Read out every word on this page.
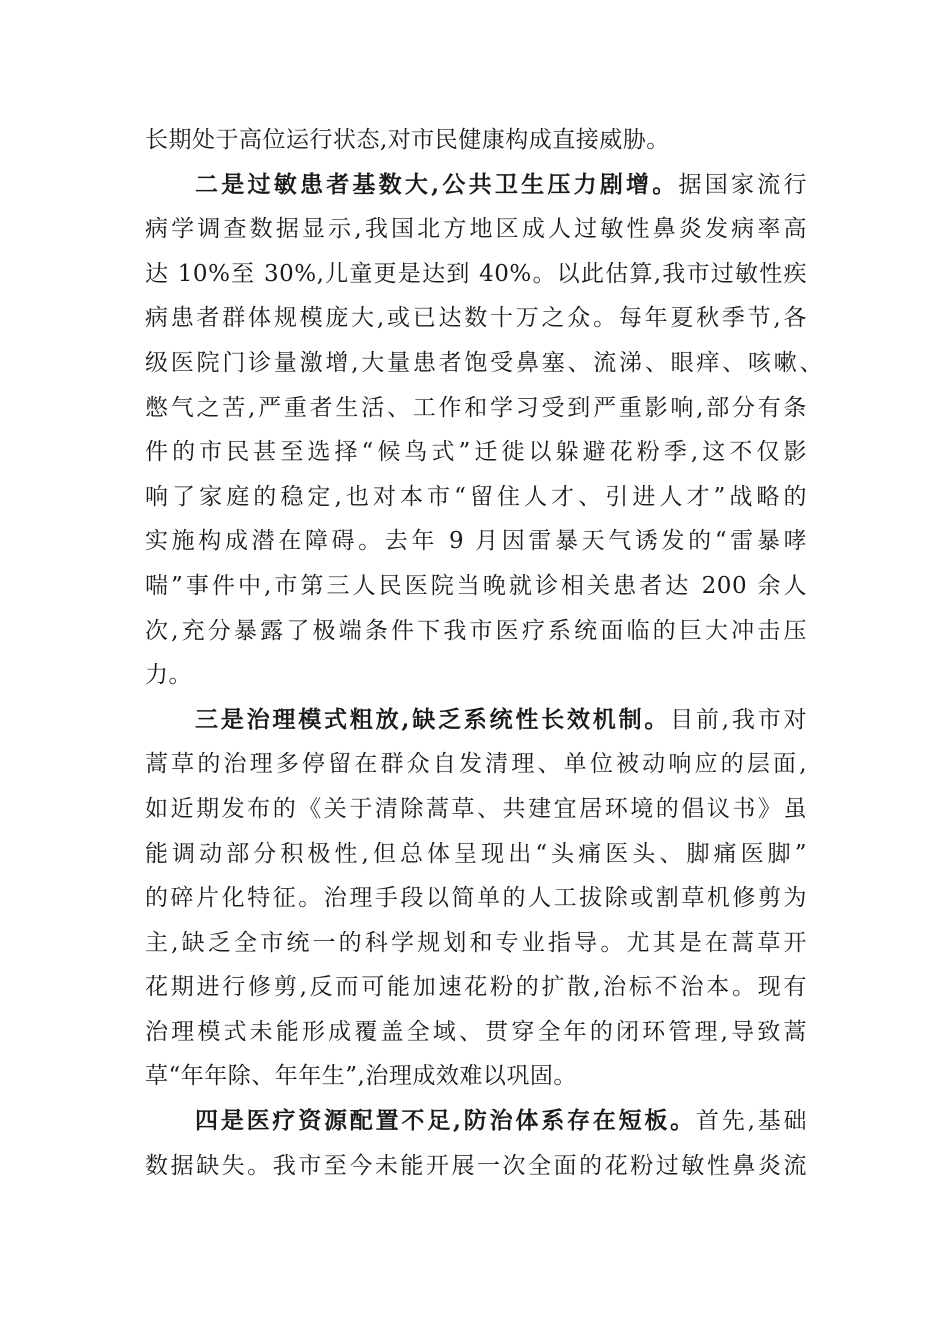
长期处于高位运行状态,对市民健康构成直接威胁。
二是过敏患者基数大,公共卫生压力剧增。据国家流行
病学调查数据显示,我国北方地区成人过敏性鼻炎发病率高
达 10%至 30%,儿童更是达到 40%。以此估算,我市过敏性疾
病患者群体规模庞大,或已达数十万之众。每年夏秋季节,各
级医院门诊量激增,大量患者饱受鼻塞、流涕、眼痒、咳嗽、
憋气之苦,严重者生活、工作和学习受到严重影响,部分有条
件的市民甚至选择“候鸟式”迁徙以躲避花粉季,这不仅影
响了家庭的稳定,也对本市“留住人才、引进人才”战略的
实施构成潜在障碍。去年 9 月因雷暴天气诱发的“雷暴哮
喘”事件中,市第三人民医院当晚就诊相关患者达 200 余人
次,充分暴露了极端条件下我市医疗系统面临的巨大冲击压
力。
三是治理模式粗放,缺乏系统性长效机制。目前,我市对
蒿草的治理多停留在群众自发清理、单位被动响应的层面,
如近期发布的《关于清除蒿草、共建宜居环境的倡议书》虽
能调动部分积极性,但总体呈现出“头痛医头、脚痛医脚”
的碎片化特征。治理手段以简单的人工拔除或割草机修剪为
主,缺乏全市统一的科学规划和专业指导。尤其是在蒿草开
花期进行修剪,反而可能加速花粉的扩散,治标不治本。现有
治理模式未能形成覆盖全域、贯穿全年的闭环管理,导致蒿
草“年年除、年年生”,治理成效难以巩固。
四是医疗资源配置不足,防治体系存在短板。首先,基础
数据缺失。我市至今未能开展一次全面的花粉过敏性鼻炎流
